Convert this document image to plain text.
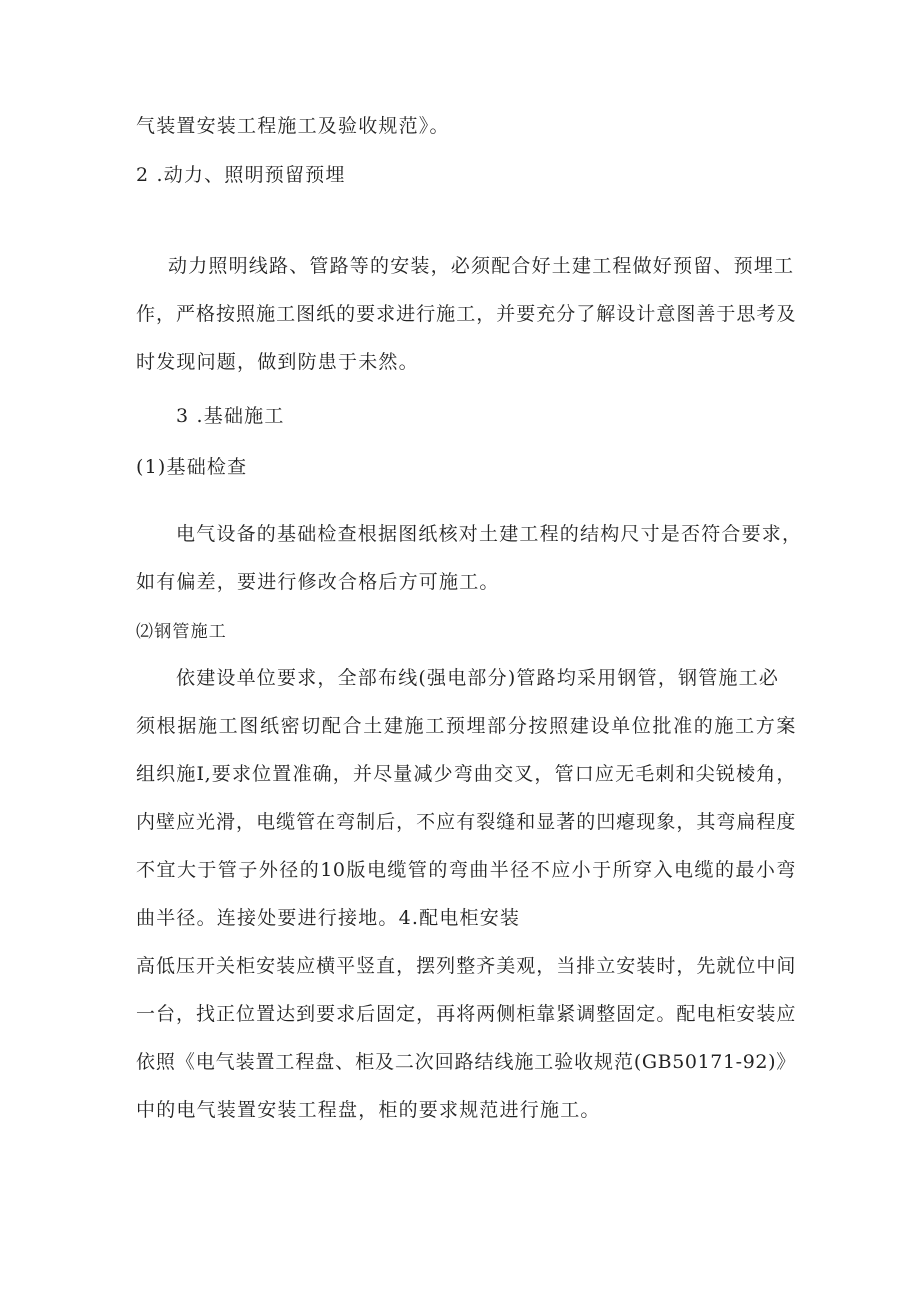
气装置安装工程施工及验收规范》。
2 .动力、照明预留预埋
动力照明线路、管路等的安装，必须配合好土建工程做好预留、预埋工
作，严格按照施工图纸的要求进行施工，并要充分了解设计意图善于思考及
时发现问题，做到防患于未然。
3 .基础施工
(1)基础检查
电气设备的基础检查根据图纸核对土建工程的结构尺寸是否符合要求，
如有偏差，要进行修改合格后方可施工。
⑵钢管施工
依建设单位要求，全部布线(强电部分)管路均采用钢管，钢管施工必
须根据施工图纸密切配合土建施工预埋部分按照建设单位批准的施工方案
组织施I,要求位置准确，并尽量减少弯曲交叉，管口应无毛刺和尖锐棱角，
内壁应光滑，电缆管在弯制后，不应有裂缝和显著的凹瘪现象，其弯扁程度
不宜大于管子外径的10版电缆管的弯曲半径不应小于所穿入电缆的最小弯
曲半径。连接处要进行接地。4.配电柜安装
高低压开关柜安装应横平竖直，摆列整齐美观，当排立安装时，先就位中间
一台，找正位置达到要求后固定，再将两侧柜靠紧调整固定。配电柜安装应
依照《电气装置工程盘、柜及二次回路结线施工验收规范(GB50171-92)》
中的电气装置安装工程盘，柜的要求规范进行施工。
